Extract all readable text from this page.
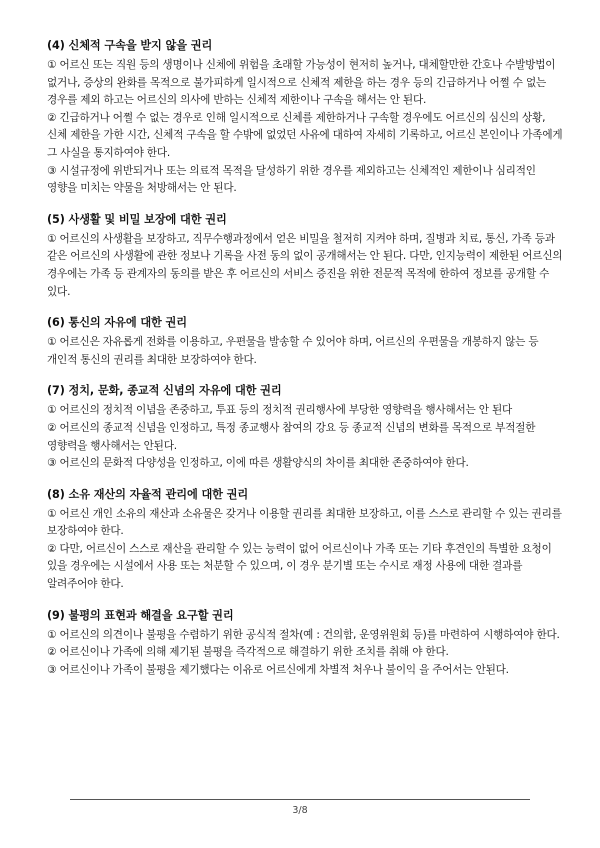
(4) 신체적 구속을 받지 않을 권리

① 어르신 또는 직원 등의 생명이나 신체에 위험을 초래할 가능성이 현저히 높거나, 대체할만한 간호나 수발방법이 없거나, 증상의 완화를 목적으로 불가피하게 일시적으로 신체적 제한을 하는 경우 등의 긴급하거나 어쩔 수 없는 경우를 제외 하고는 어르신의 의사에 반하는 신체적 제한이나 구속을 해서는 안 된다.

② 긴급하거나 어쩔 수 없는 경우로 인해 일시적으로 신체를 제한하거나 구속할 경우에도 어르신의 심신의 상황, 신체 제한을 가한 시간, 신체적 구속을 할 수밖에 없었던 사유에 대하여 자세히 기록하고, 어르신 본인이나 가족에게 그 사실을 통지하여야 한다.

③ 시설규정에 위반되거나 또는 의료적 목적을 달성하기 위한 경우를 제외하고는 신체적인 제한이나 심리적인 영향을 미치는 약물을 처방해서는 안 된다.

(5) 사생활 및 비밀 보장에 대한 권리

① 어르신의 사생활을 보장하고, 직무수행과정에서 얻은 비밀을 철저히 지켜야 하며, 질병과 치료, 통신, 가족 등과 같은 어르신의 사생활에 관한 정보나 기록을 사전 동의 없이 공개해서는 안 된다. 다만, 인지능력이 제한된 어르신의 경우에는 가족 등 관계자의 동의를 받은 후 어르신의 서비스 증진을 위한 전문적 목적에 한하여 정보를 공개할 수 있다.

(6) 통신의 자유에 대한 권리

① 어르신은 자유롭게 전화를 이용하고, 우편물을 발송할 수 있어야 하며, 어르신의 우편물을 개봉하지 않는 등 개인적 통신의 권리를 최대한 보장하여야 한다.

(7) 정치, 문화, 종교적 신념의 자유에 대한 권리

① 어르신의 정치적 이념을 존중하고, 투표 등의 정치적 권리행사에 부당한 영향력을 행사해서는 안 된다

② 어르신의 종교적 신념을 인정하고, 특정 종교행사 참여의 강요 등 종교적 신념의 변화를 목적으로 부적절한 영향력을 행사해서는 안된다.

③ 어르신의 문화적 다양성을 인정하고, 이에 따른 생활양식의 차이를 최대한 존중하여야 한다.

(8) 소유 재산의 자율적 관리에 대한 권리

① 어르신 개인 소유의 재산과 소유물은 갖거나 이용할 권리를 최대한 보장하고, 이를 스스로 관리할 수 있는 권리를 보장하여야 한다.

② 다만, 어르신이 스스로 재산을 관리할 수 있는 능력이 없어 어르신이나 가족 또는 기타 후견인의 특별한 요청이 있을 경우에는 시설에서 사용 또는 처분할 수 있으며, 이 경우 분기별 또는 수시로 재정 사용에 대한 결과를 알려주어야 한다.

(9) 불평의 표현과 해결을 요구할 권리

① 어르신의 의견이나 불평을 수렴하기 위한 공식적 절차(예 : 건의함, 운영위원회 등)를 마련하여 시행하여야 한다.

② 어르신이나 가족에 의해 제기된 불평을 즉각적으로 해결하기 위한 조치를 취해 야 한다.

③ 어르신이나 가족이 불평을 제기했다는 이유로 어르신에게 차별적 처우나 불이익 을 주어서는 안된다.

3/8
